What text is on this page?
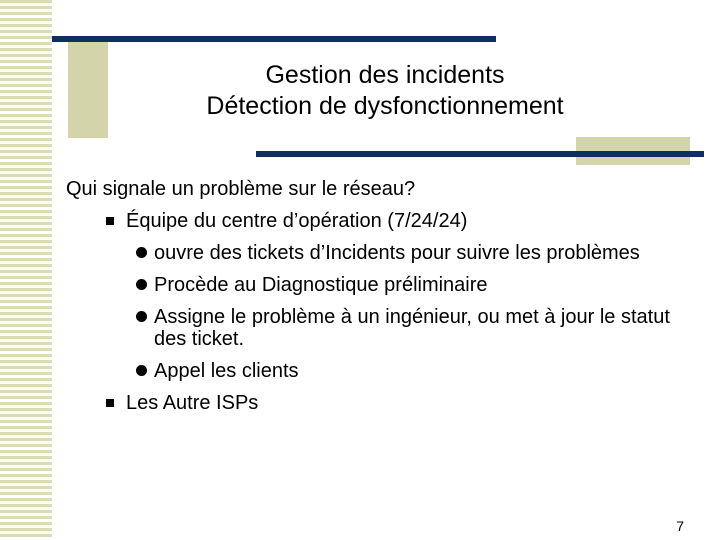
Gestion des incidents
Détection de dysfonctionnement
Qui signale un problème sur le réseau?
Équipe du centre d’opération (7/24/24)
ouvre des tickets d’Incidents pour suivre les problèmes
Procède au Diagnostique préliminaire
Assigne le problème à un ingénieur, ou met à jour le statut des ticket.
Appel les clients
Les Autre ISPs
7
